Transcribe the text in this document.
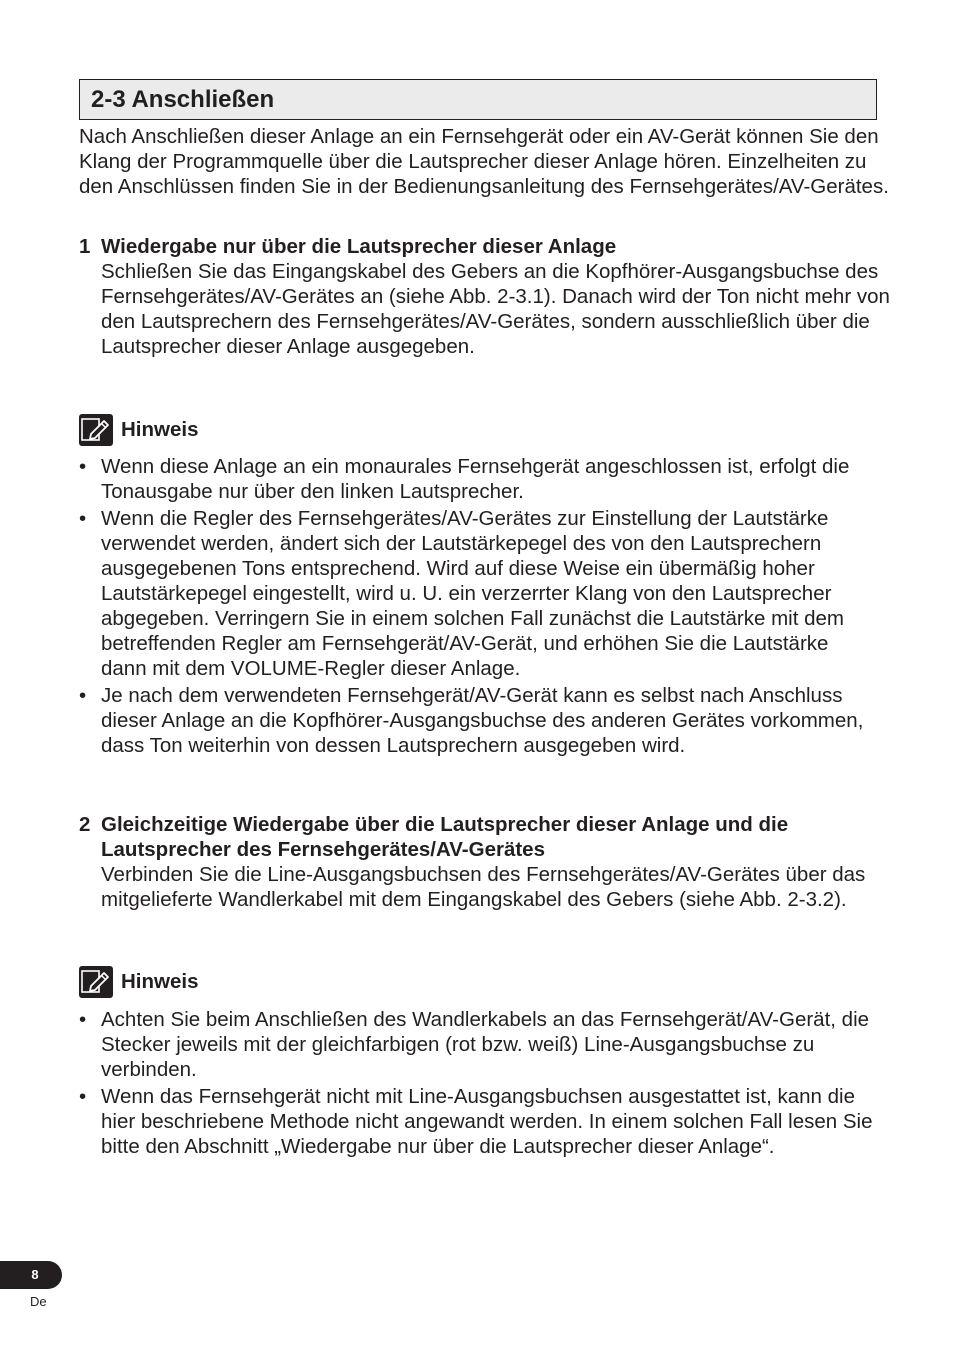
2-3 Anschließen

Nach Anschließen dieser Anlage an ein Fernsehgerät oder ein AV-Gerät können Sie den Klang der Programmquelle über die Lautsprecher dieser Anlage hören. Einzelheiten zu den Anschlüssen finden Sie in der Bedienungsanleitung des Fernsehgerätes/AV-Gerätes.

1 Wiedergabe nur über die Lautsprecher dieser Anlage

Schließen Sie das Eingangskabel des Gebers an die Kopfhörer-Ausgangsbuchse des Fernsehgerätes/AV-Gerätes an (siehe Abb. 2-3.1). Danach wird der Ton nicht mehr von den Lautsprechern des Fernsehgerätes/AV-Gerätes, sondern ausschließlich über die Lautsprecher dieser Anlage ausgegeben.

Hinweis
• Wenn diese Anlage an ein monaurales Fernsehgerät angeschlossen ist, erfolgt die Tonausgabe nur über den linken Lautsprecher.

• Wenn die Regler des Fernsehgerätes/AV-Gerätes zur Einstellung der Lautstärke verwendet werden, ändert sich der Lautstärkepegel des von den Lautsprechern ausgegebenen Tons entsprechend. Wird auf diese Weise ein übermäßig hoher Lautstärkepegel eingestellt, wird u. U. ein verzerrter Klang von den Lautsprecher abgegeben. Verringern Sie in einem solchen Fall zunächst die Lautstärke mit dem betreffenden Regler am Fernsehgerät/AV-Gerät, und erhöhen Sie die Lautstärke dann mit dem VOLUME-Regler dieser Anlage.

• Je nach dem verwendeten Fernsehgerät/AV-Gerät kann es selbst nach Anschluss dieser Anlage an die Kopfhörer-Ausgangsbuchse des anderen Gerätes vorkommen, dass Ton weiterhin von dessen Lautsprechern ausgegeben wird.

2 Gleichzeitige Wiedergabe über die Lautsprecher dieser Anlage und die Lautsprecher des Fernsehgerätes/AV-Gerätes

Verbinden Sie die Line-Ausgangsbuchsen des Fernsehgerätes/AV-Gerätes über das mitgelieferte Wandlerkabel mit dem Eingangskabel des Gebers (siehe Abb. 2-3.2).

Hinweis
• Achten Sie beim Anschließen des Wandlerkabels an das Fernsehgerät/AV-Gerät, die Stecker jeweils mit der gleichfarbigen (rot bzw. weiß) Line-Ausgangsbuchse zu verbinden.

• Wenn das Fernsehgerät nicht mit Line-Ausgangsbuchsen ausgestattet ist, kann die hier beschriebene Methode nicht angewandt werden. In einem solchen Fall lesen Sie bitte den Abschnitt „Wiedergabe nur über die Lautsprecher dieser Anlage“.

8
De
